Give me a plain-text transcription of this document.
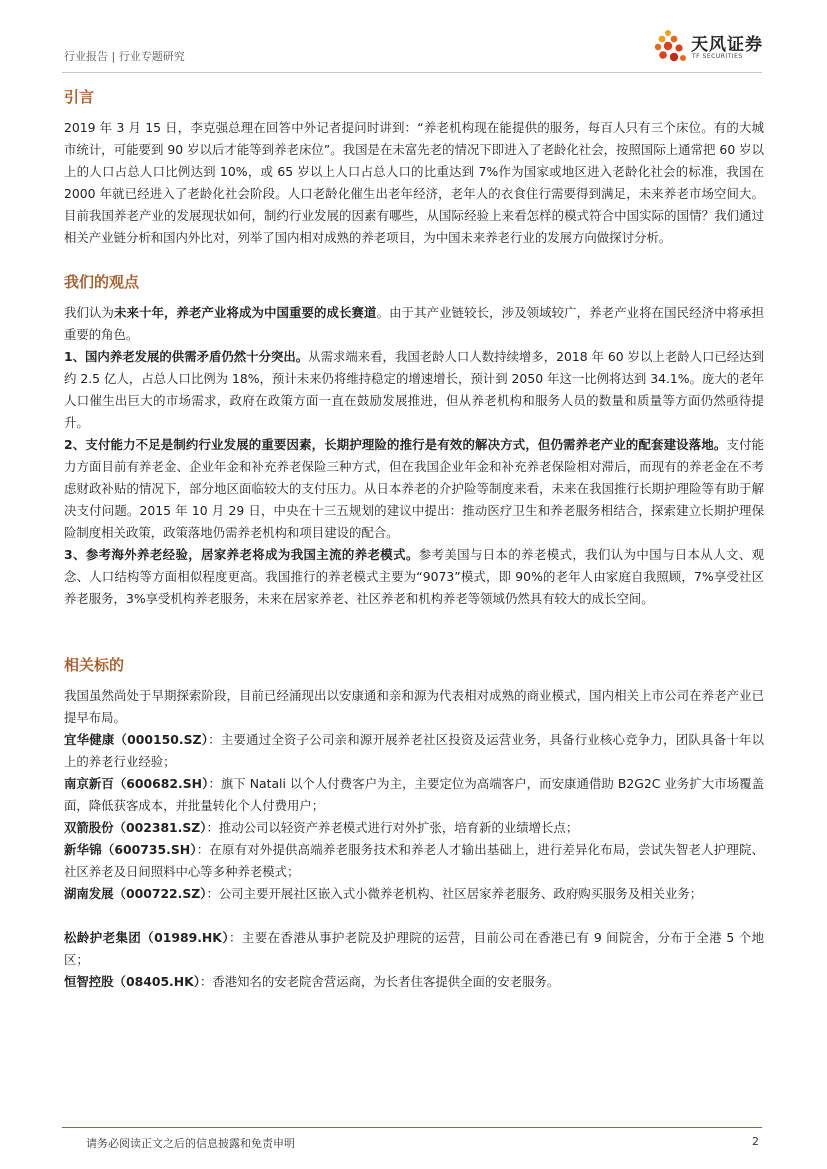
行业报告 | 行业专题研究
天风证券
TF SECURITIES
引言
2019 年 3 月 15 日，李克强总理在回答中外记者提问时讲到：“养老机构现在能提供的服务，每百人只有三个床位。有的大城市统计，可能要到 90 岁以后才能等到养老床位”。我国是在未富先老的情况下即进入了老龄化社会，按照国际上通常把 60 岁以上的人口占总人口比例达到 10%，或 65 岁以上人口占总人口的比重达到 7%作为国家或地区进入老龄化社会的标准，我国在 2000 年就已经进入了老龄化社会阶段。人口老龄化催生出老年经济，老年人的衣食住行需要得到满足，未来养老市场空间大。目前我国养老产业的发展现状如何，制约行业发展的因素有哪些，从国际经验上来看怎样的模式符合中国实际的国情？我们通过相关产业链分析和国内外比对，列举了国内相对成熟的养老项目，为中国未来养老行业的发展方向做探讨分析。
我们的观点
我们认为未来十年，养老产业将成为中国重要的成长赛道。由于其产业链较长，涉及领域较广，养老产业将在国民经济中将承担重要的角色。
1、国内养老发展的供需矛盾仍然十分突出。从需求端来看，我国老龄人口人数持续增多，2018 年 60 岁以上老龄人口已经达到约 2.5 亿人，占总人口比例为 18%，预计未来仍将维持稳定的增速增长，预计到 2050 年这一比例将达到 34.1%。庞大的老年人口催生出巨大的市场需求，政府在政策方面一直在鼓励发展推进，但从养老机构和服务人员的数量和质量等方面仍然亟待提升。
2、支付能力不足是制约行业发展的重要因素，长期护理险的推行是有效的解决方式，但仍需养老产业的配套建设落地。支付能力方面目前有养老金、企业年金和补充养老保险三种方式，但在我国企业年金和补充养老保险相对滞后，而现有的养老金在不考虑财政补贴的情况下，部分地区面临较大的支付压力。从日本养老的介护险等制度来看，未来在我国推行长期护理险等有助于解决支付问题。2015 年 10 月 29 日，中央在十三五规划的建议中提出：推动医疗卫生和养老服务相结合，探索建立长期护理保险制度相关政策，政策落地仍需养老机构和项目建设的配合。
3、参考海外养老经验，居家养老将成为我国主流的养老模式。参考美国与日本的养老模式，我们认为中国与日本从人文、观念、人口结构等方面相似程度更高。我国推行的养老模式主要为“9073”模式，即 90%的老年人由家庭自我照顾，7%享受社区养老服务，3%享受机构养老服务，未来在居家养老、社区养老和机构养老等领域仍然具有较大的成长空间。
相关标的
我国虽然尚处于早期探索阶段，目前已经涌现出以安康通和亲和源为代表相对成熟的商业模式，国内相关上市公司在养老产业已提早布局。
宜华健康（000150.SZ）：主要通过全资子公司亲和源开展养老社区投资及运营业务，具备行业核心竞争力，团队具备十年以上的养老行业经验；
南京新百（600682.SH）：旗下 Natali 以个人付费客户为主，主要定位为高端客户，而安康通借助 B2G2C 业务扩大市场覆盖面，降低获客成本，并批量转化个人付费用户；
双箭股份（002381.SZ）：推动公司以轻资产养老模式进行对外扩张，培育新的业绩增长点；
新华锦（600735.SH）：在原有对外提供高端养老服务技术和养老人才输出基础上，进行差异化布局，尝试失智老人护理院、社区养老及日间照料中心等多种养老模式；
湖南发展（000722.SZ）：公司主要开展社区嵌入式小微养老机构、社区居家养老服务、政府购买服务及相关业务；
松龄护老集团（01989.HK）：主要在香港从事护老院及护理院的运营，目前公司在香港已有 9 间院舍，分布于全港 5 个地区；
恒智控股（08405.HK）：香港知名的安老院舍营运商，为长者住客提供全面的安老服务。
请务必阅读正文之后的信息披露和免责申明	2
